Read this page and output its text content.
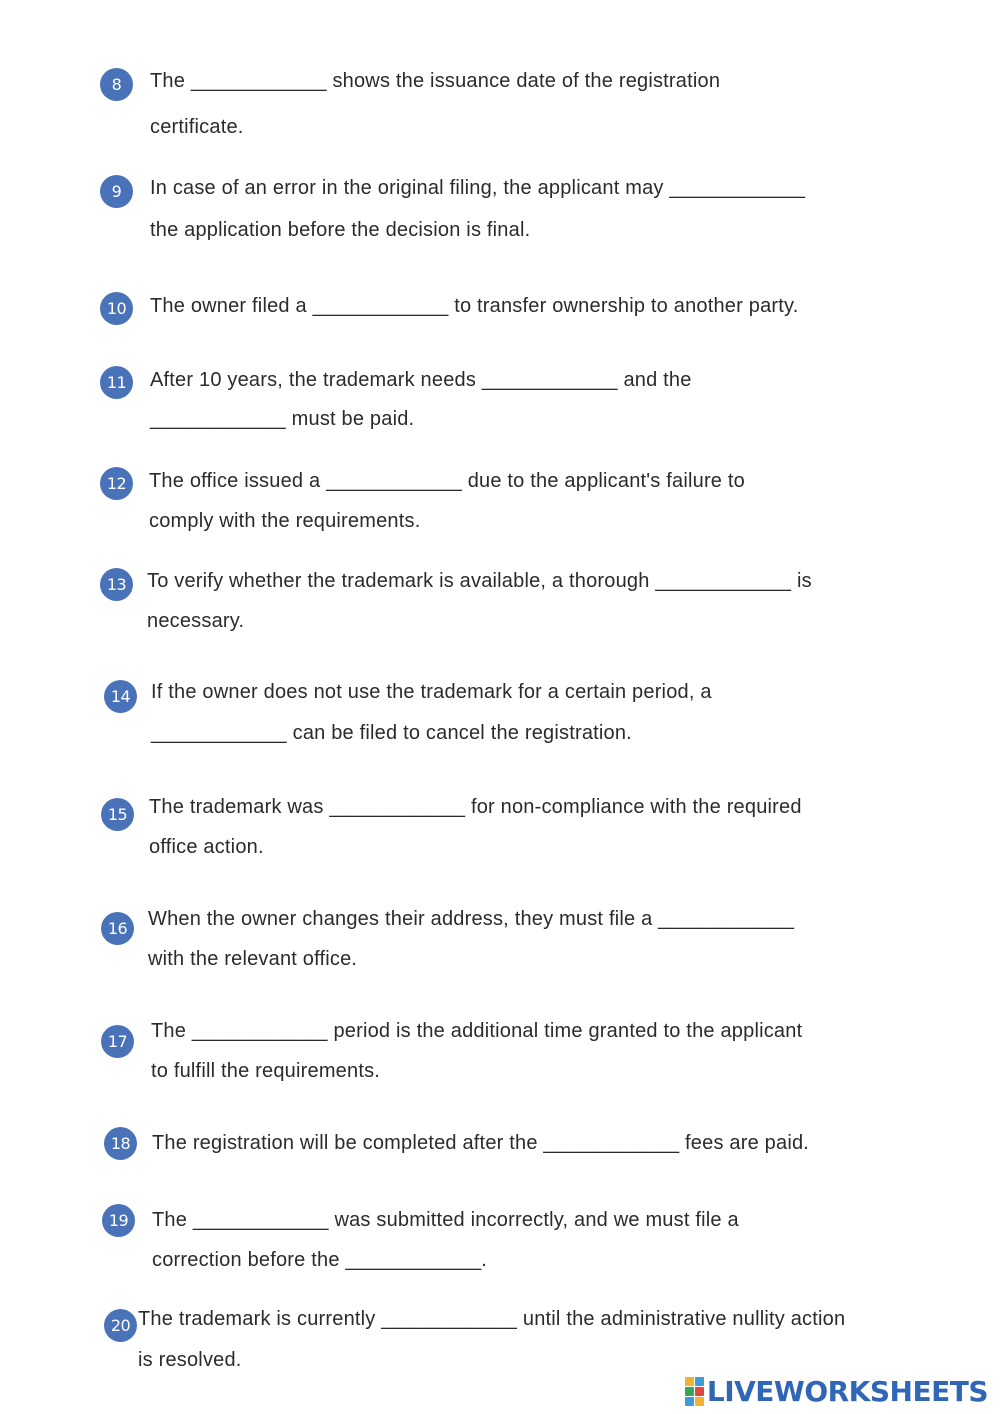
8	The ____________ shows the issuance date of the registration
certificate.
9	In case of an error in the original filing, the applicant may ____________
the application before the decision is final.
10	The owner filed a ____________ to transfer ownership to another party.
11	After 10 years, the trademark needs ____________ and the
____________ must be paid.
12	The office issued a ____________ due to the applicant's failure to
comply with the requirements.
13	To verify whether the trademark is available, a thorough ____________ is
necessary.
14	If the owner does not use the trademark for a certain period, a
____________ can be filed to cancel the registration.
15	The trademark was ____________ for non-compliance with the required
office action.
16	When the owner changes their address, they must file a ____________
with the relevant office.
17	The ____________ period is the additional time granted to the applicant
to fulfill the requirements.
18	The registration will be completed after the ____________ fees are paid.
19	The ____________ was submitted incorrectly, and we must file a
correction before the ____________.
20 The trademark is currently ____________ until the administrative nullity action
is resolved.
LIVEWORKSHEETS
